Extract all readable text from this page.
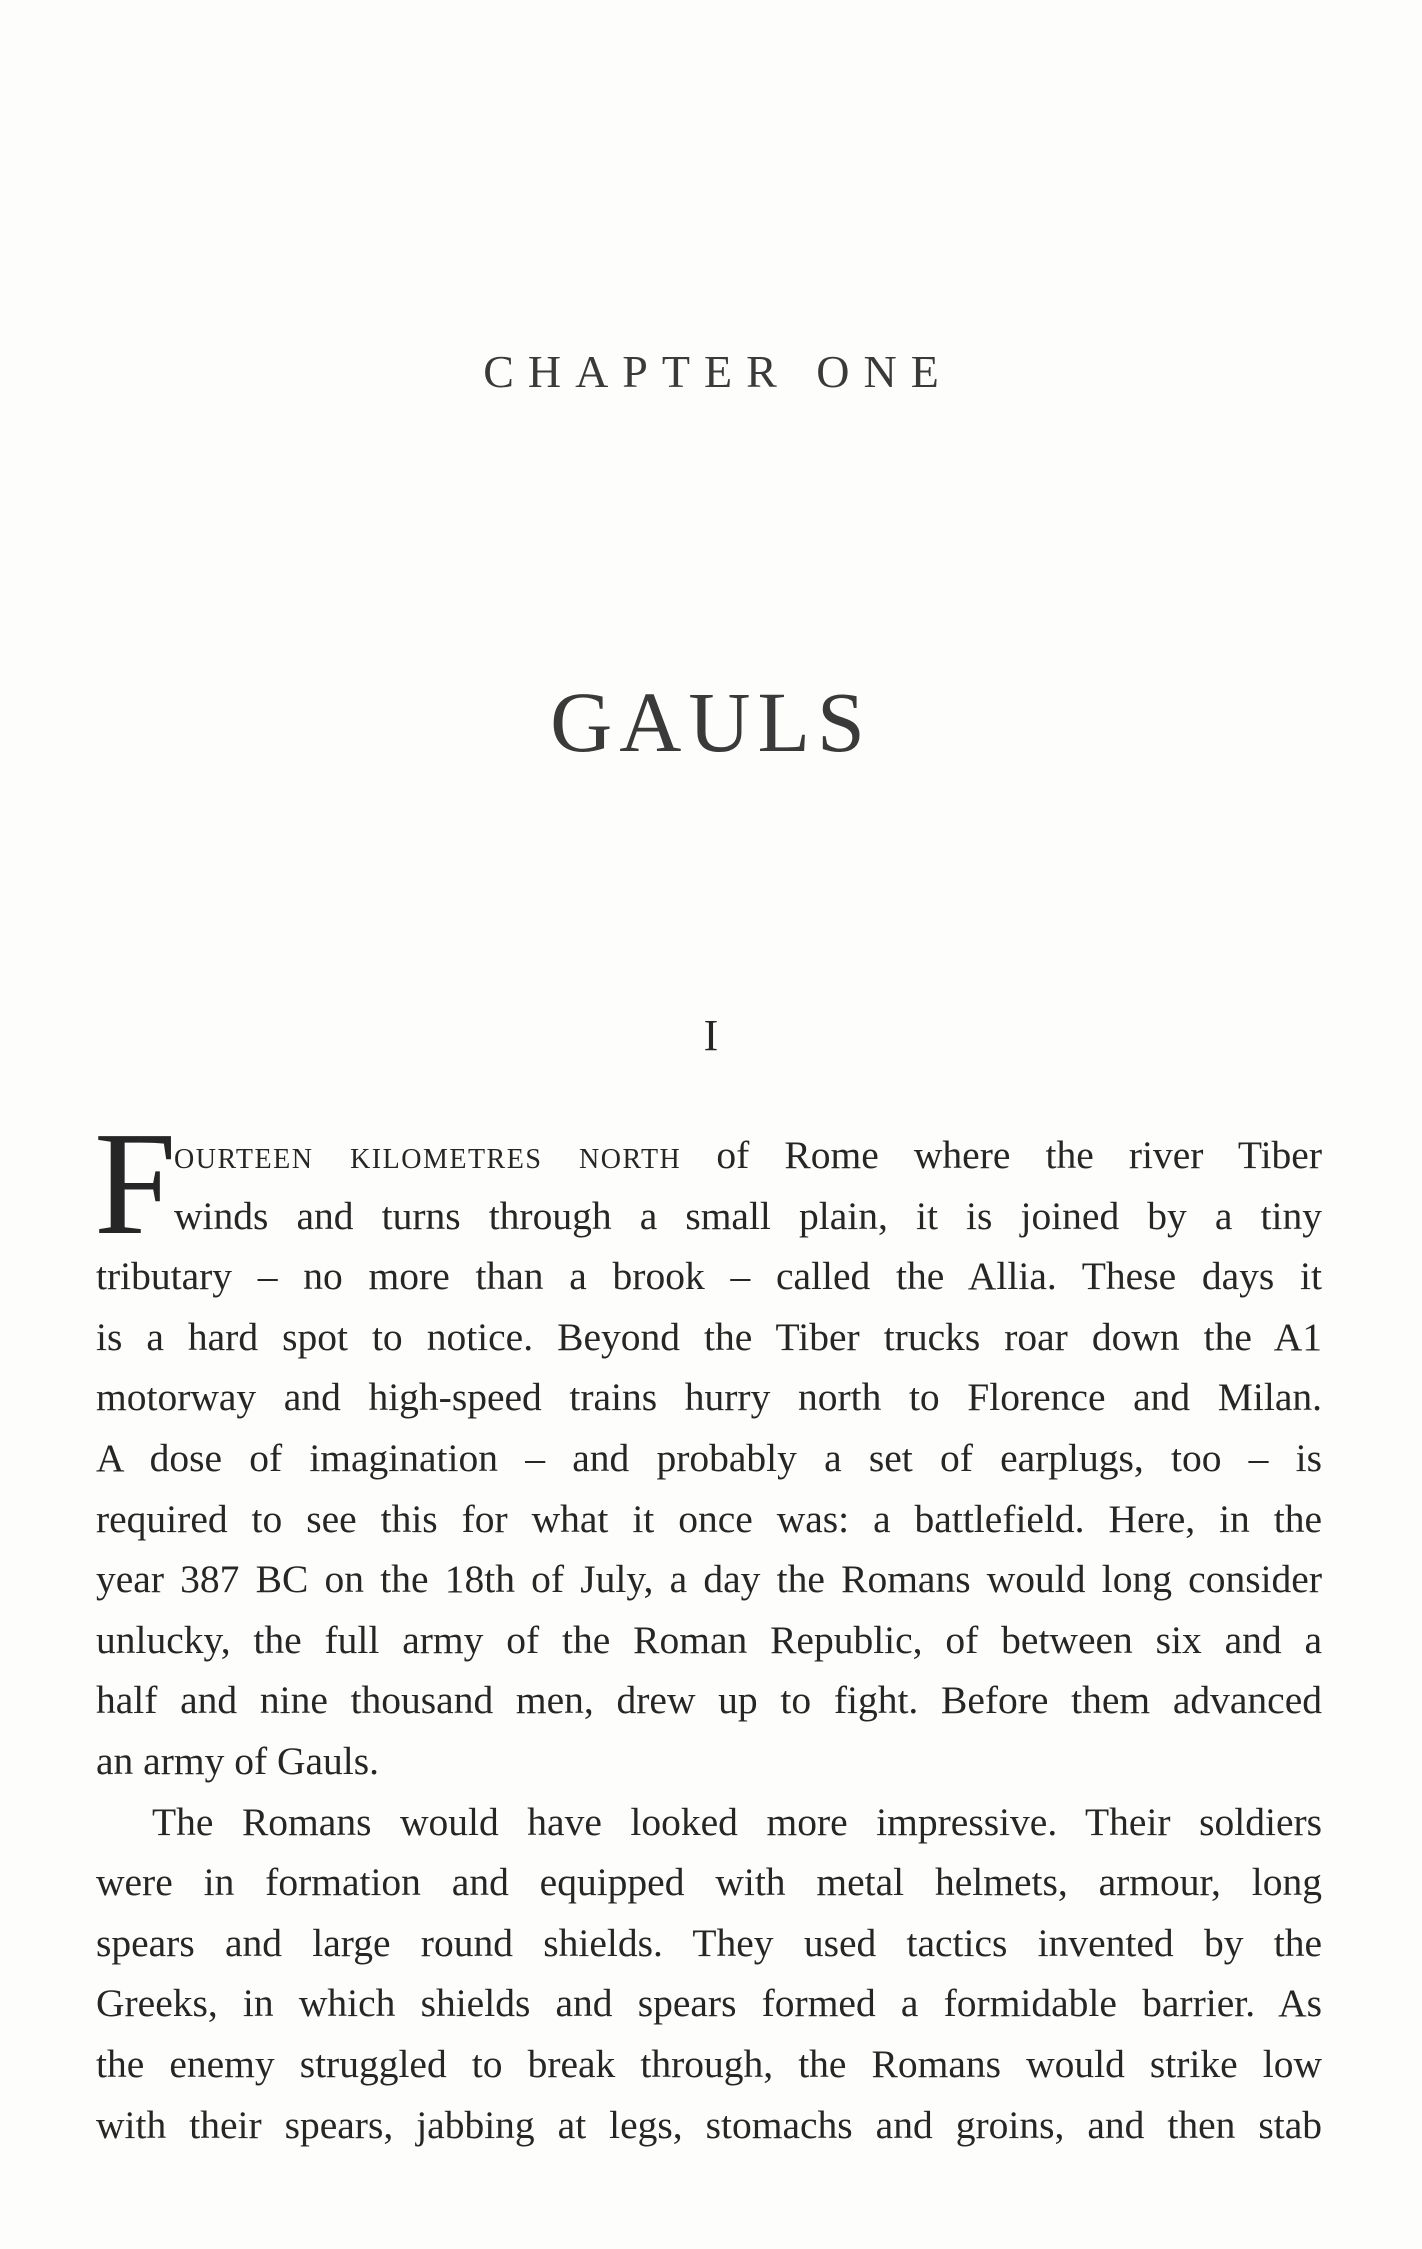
CHAPTER ONE
GAULS
I
F
ourteen kilometres north of Rome where the river Tiber
winds and turns through a small plain, it is joined by a tiny
tributary – no more than a brook – called the Allia. These days it
is a hard spot to notice. Beyond the Tiber trucks roar down the A1
motorway and high-speed trains hurry north to Florence and Milan.
A dose of imagination – and probably a set of earplugs, too – is
required to see this for what it once was: a battlefield. Here, in the
year 387 BC on the 18th of July, a day the Romans would long consider
unlucky, the full army of the Roman Republic, of between six and a
half and nine thousand men, drew up to fight. Before them advanced
an army of Gauls.
The Romans would have looked more impressive. Their soldiers
were in formation and equipped with metal helmets, armour, long
spears and large round shields. They used tactics invented by the
Greeks, in which shields and spears formed a formidable barrier. As
the enemy struggled to break through, the Romans would strike low
with their spears, jabbing at legs, stomachs and groins, and then stab
